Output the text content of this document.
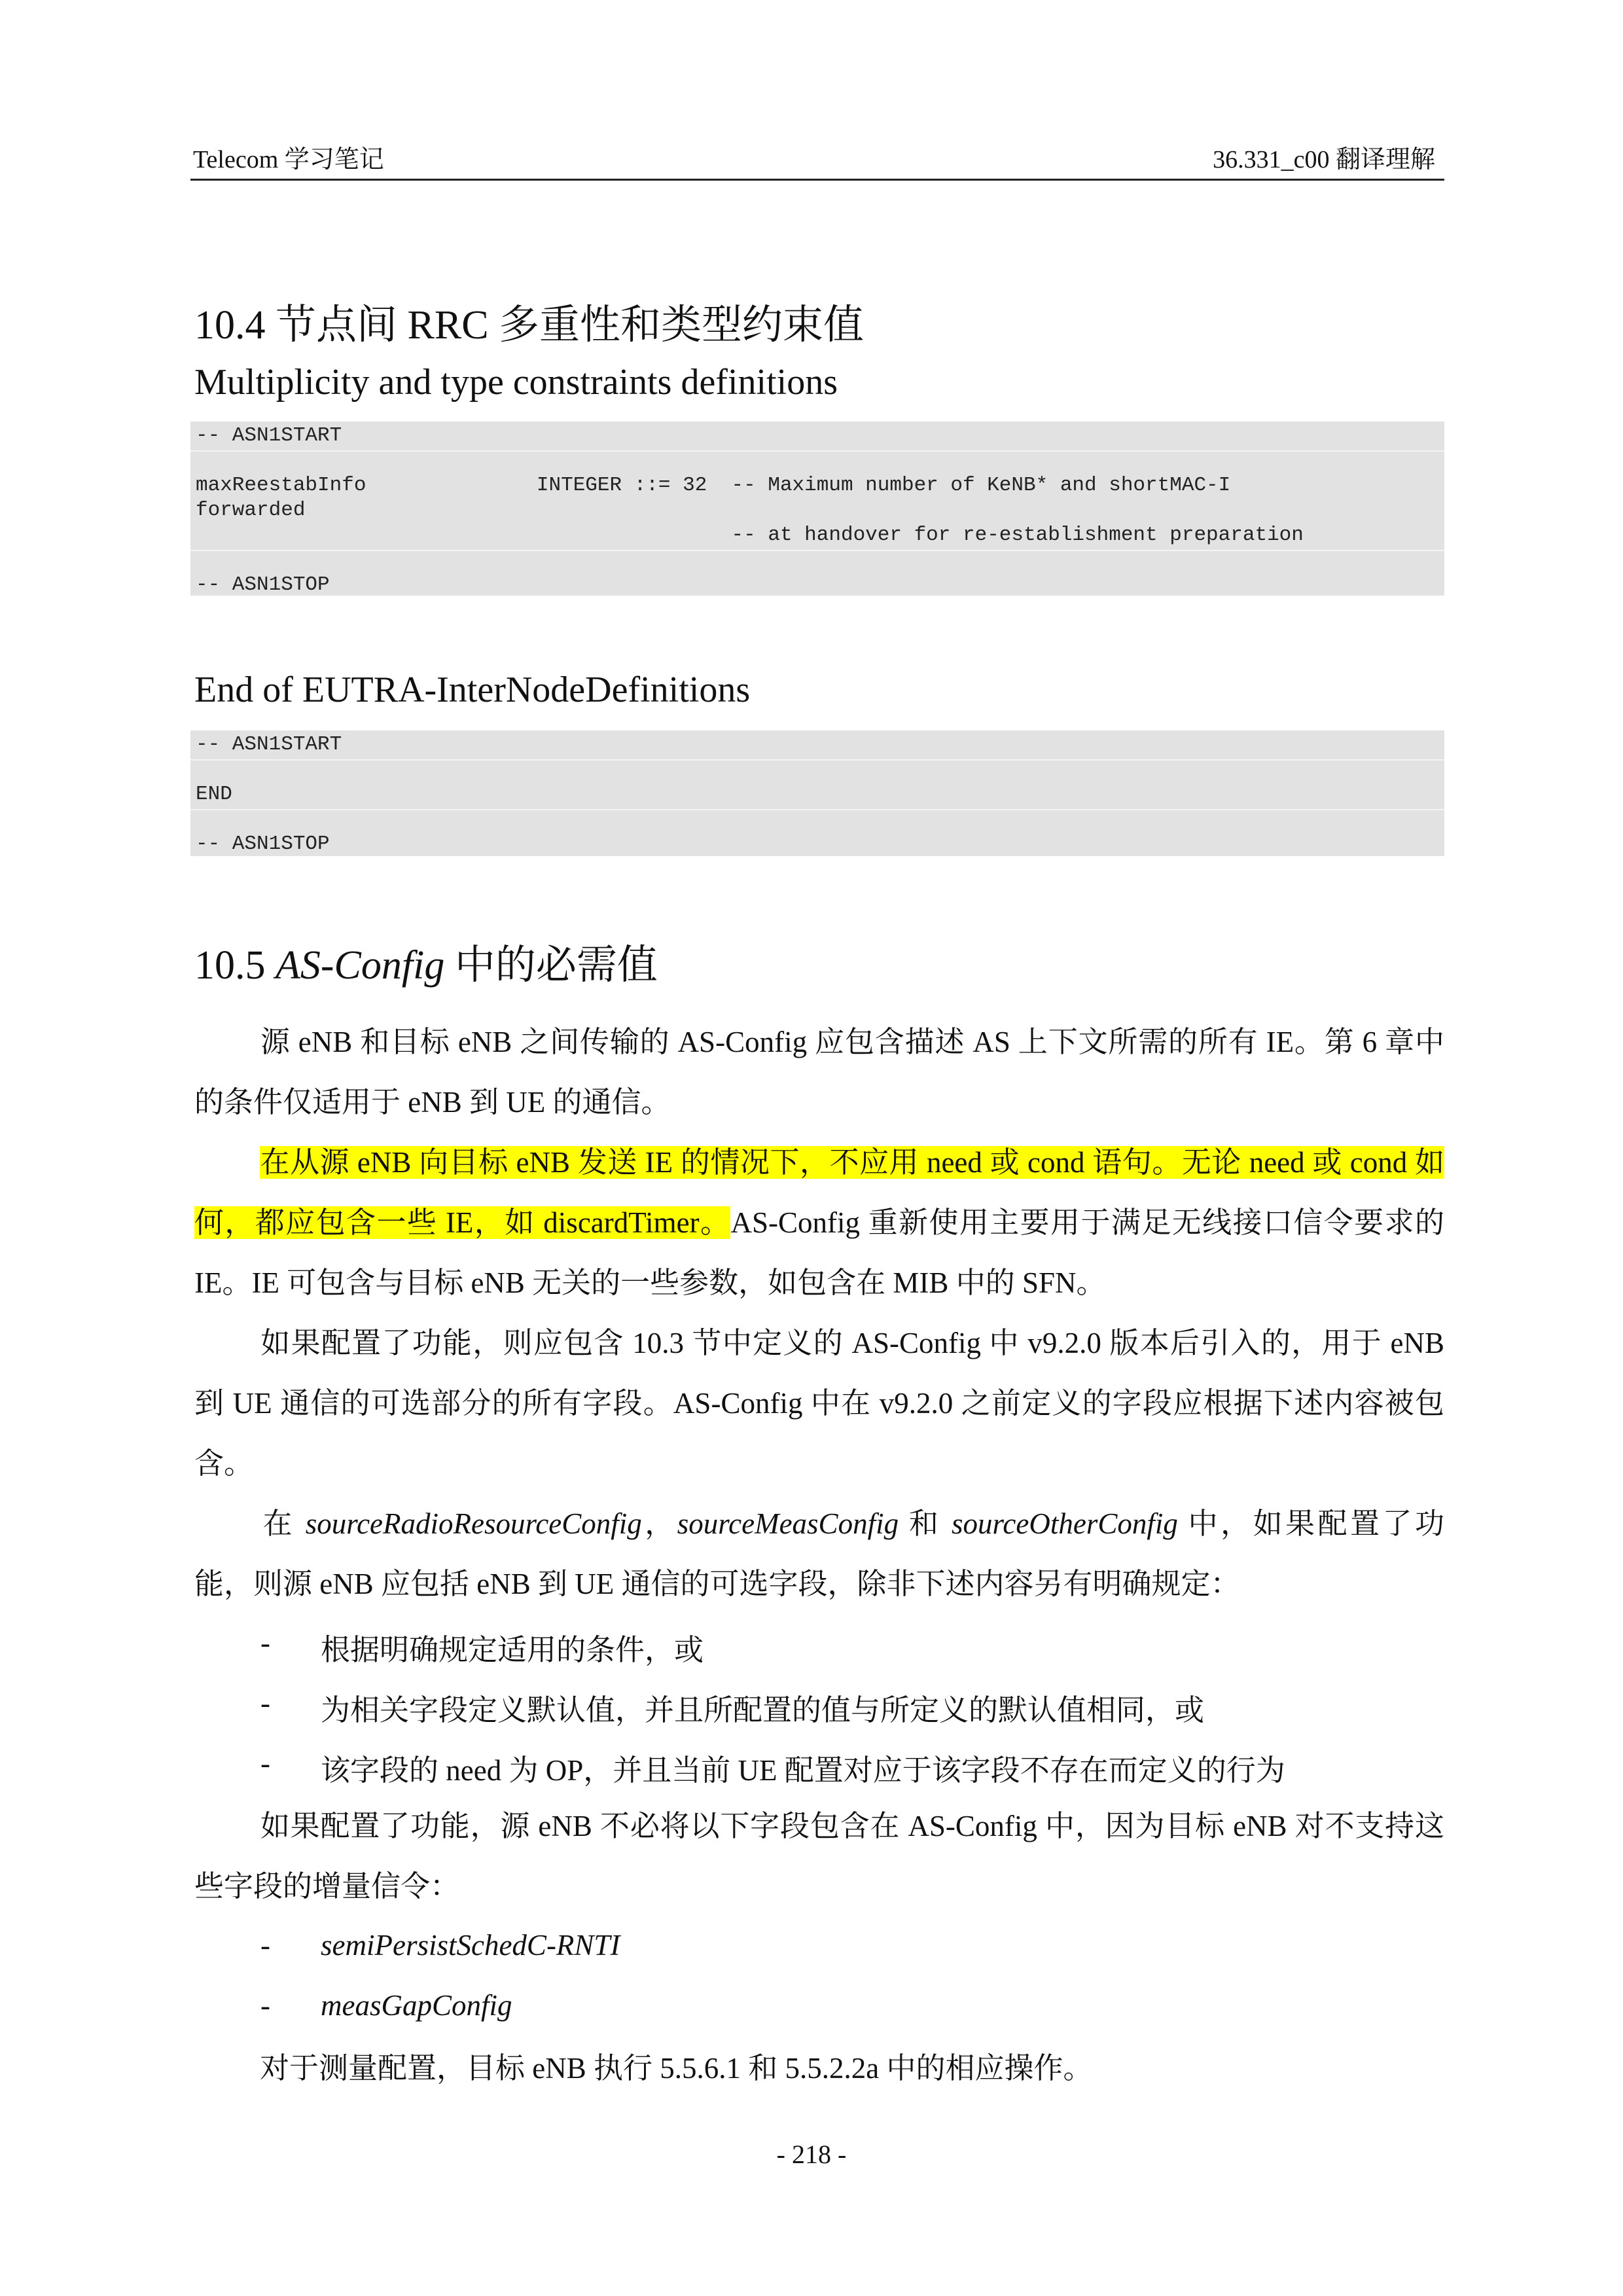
Telecom 学习笔记	36.331_c00 翻译理解
10.4 节点间 RRC 多重性和类型约束值
Multiplicity and type constraints definitions
-- ASN1START
maxReestabInfo              INTEGER ::= 32  -- Maximum number of KeNB* and shortMAC-I
forwarded
-- at handover for re-establishment preparation
-- ASN1STOP
End of EUTRA-InterNodeDefinitions
-- ASN1START
END
-- ASN1STOP
10.5 AS-Config 中的必需值
源 eNB 和目标 eNB 之间传输的 AS-Config 应包含描述 AS 上下文所需的所有 IE。第 6 章中的条件仅适用于 eNB 到 UE 的通信。
在从源 eNB 向目标 eNB 发送 IE 的情况下，不应用 need 或 cond 语句。无论 need 或 cond 如何，都应包含一些 IE，如 discardTimer。AS-Config 重新使用主要用于满足无线接口信令要求的 IE。IE 可包含与目标 eNB 无关的一些参数，如包含在 MIB 中的 SFN。
如果配置了功能，则应包含 10.3 节中定义的 AS-Config 中 v9.2.0 版本后引入的，用于 eNB 到 UE 通信的可选部分的所有字段。AS-Config 中在 v9.2.0 之前定义的字段应根据下述内容被包含。
在 sourceRadioResourceConfig，sourceMeasConfig 和 sourceOtherConfig 中，如果配置了功能，则源 eNB 应包括 eNB 到 UE 通信的可选字段，除非下述内容另有明确规定：
- 根据明确规定适用的条件，或
- 为相关字段定义默认值，并且所配置的值与所定义的默认值相同，或
- 该字段的 need 为 OP，并且当前 UE 配置对应于该字段不存在而定义的行为
如果配置了功能，源 eNB 不必将以下字段包含在 AS-Config 中，因为目标 eNB 对不支持这些字段的增量信令：
- semiPersistSchedC-RNTI
- measGapConfig
对于测量配置，目标 eNB 执行 5.5.6.1 和 5.5.2.2a 中的相应操作。
- 218 -
